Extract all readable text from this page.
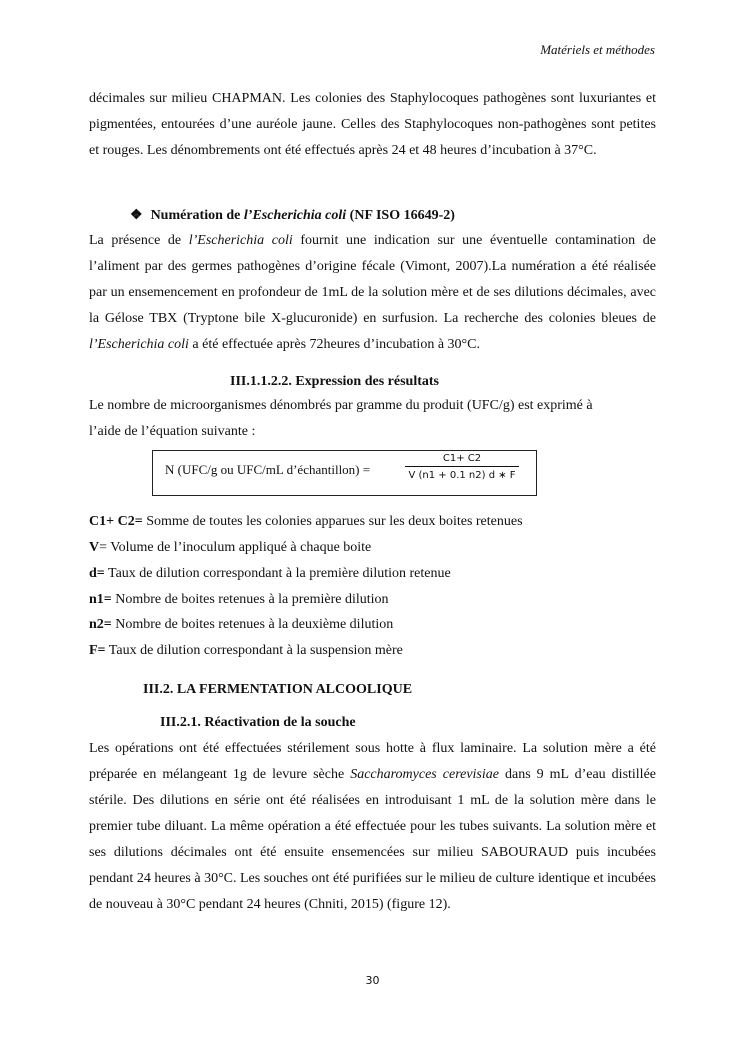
Matériels et méthodes

décimales sur milieu CHAPMAN. Les colonies des Staphylocoques pathogènes sont luxuriantes et pigmentées, entourées d’une auréole jaune. Celles des Staphylocoques non-pathogènes sont petites et rouges. Les dénombrements ont été effectués après 24 et 48 heures d’incubation à 37°C.

❖ Numération de l’Escherichia coli (NF ISO 16649-2)

La présence de l’Escherichia coli fournit une indication sur une éventuelle contamination de l’aliment par des germes pathogènes d’origine fécale (Vimont, 2007).La numération a été réalisée par un ensemencement en profondeur de 1mL de la solution mère et de ses dilutions décimales, avec la Gélose TBX (Tryptone bile X-glucuronide) en surfusion. La recherche des colonies bleues de l’Escherichia coli a été effectuée après 72heures d’incubation à 30°C.

III.1.1.2.2. Expression des résultats
Le nombre de microorganismes dénombrés par gramme du produit (UFC/g) est exprimé à
l’aide de l’équation suivante :
N (UFC/g ou UFC/mL d’échantillon) =
C1+ C2
V (n1 + 0.1 n2) d ∗ F
C1+ C2= Somme de toutes les colonies apparues sur les deux boites retenues
V= Volume de l’inoculum appliqué à chaque boite
d= Taux de dilution correspondant à la première dilution retenue
n1= Nombre de boites retenues à la première dilution
n2= Nombre de boites retenues à la deuxième dilution
F= Taux de dilution correspondant à la suspension mère
III.2. LA FERMENTATION ALCOOLIQUE
III.2.1. Réactivation de la souche

Les opérations ont été effectuées stérilement sous hotte à flux laminaire. La solution mère a été préparée en mélangeant 1g de levure sèche Saccharomyces cerevisiae dans 9 mL d’eau distillée stérile. Des dilutions en série ont été réalisées en introduisant 1 mL de la solution mère dans le premier tube diluant. La même opération a été effectuée pour les tubes suivants. La solution mère et ses dilutions décimales ont été ensuite ensemencées sur milieu SABOURAUD puis incubées pendant 24 heures à 30°C. Les souches ont été purifiées sur le milieu de culture identique et incubées de nouveau à 30°C pendant 24 heures (Chniti, 2015) (figure 12).

30
